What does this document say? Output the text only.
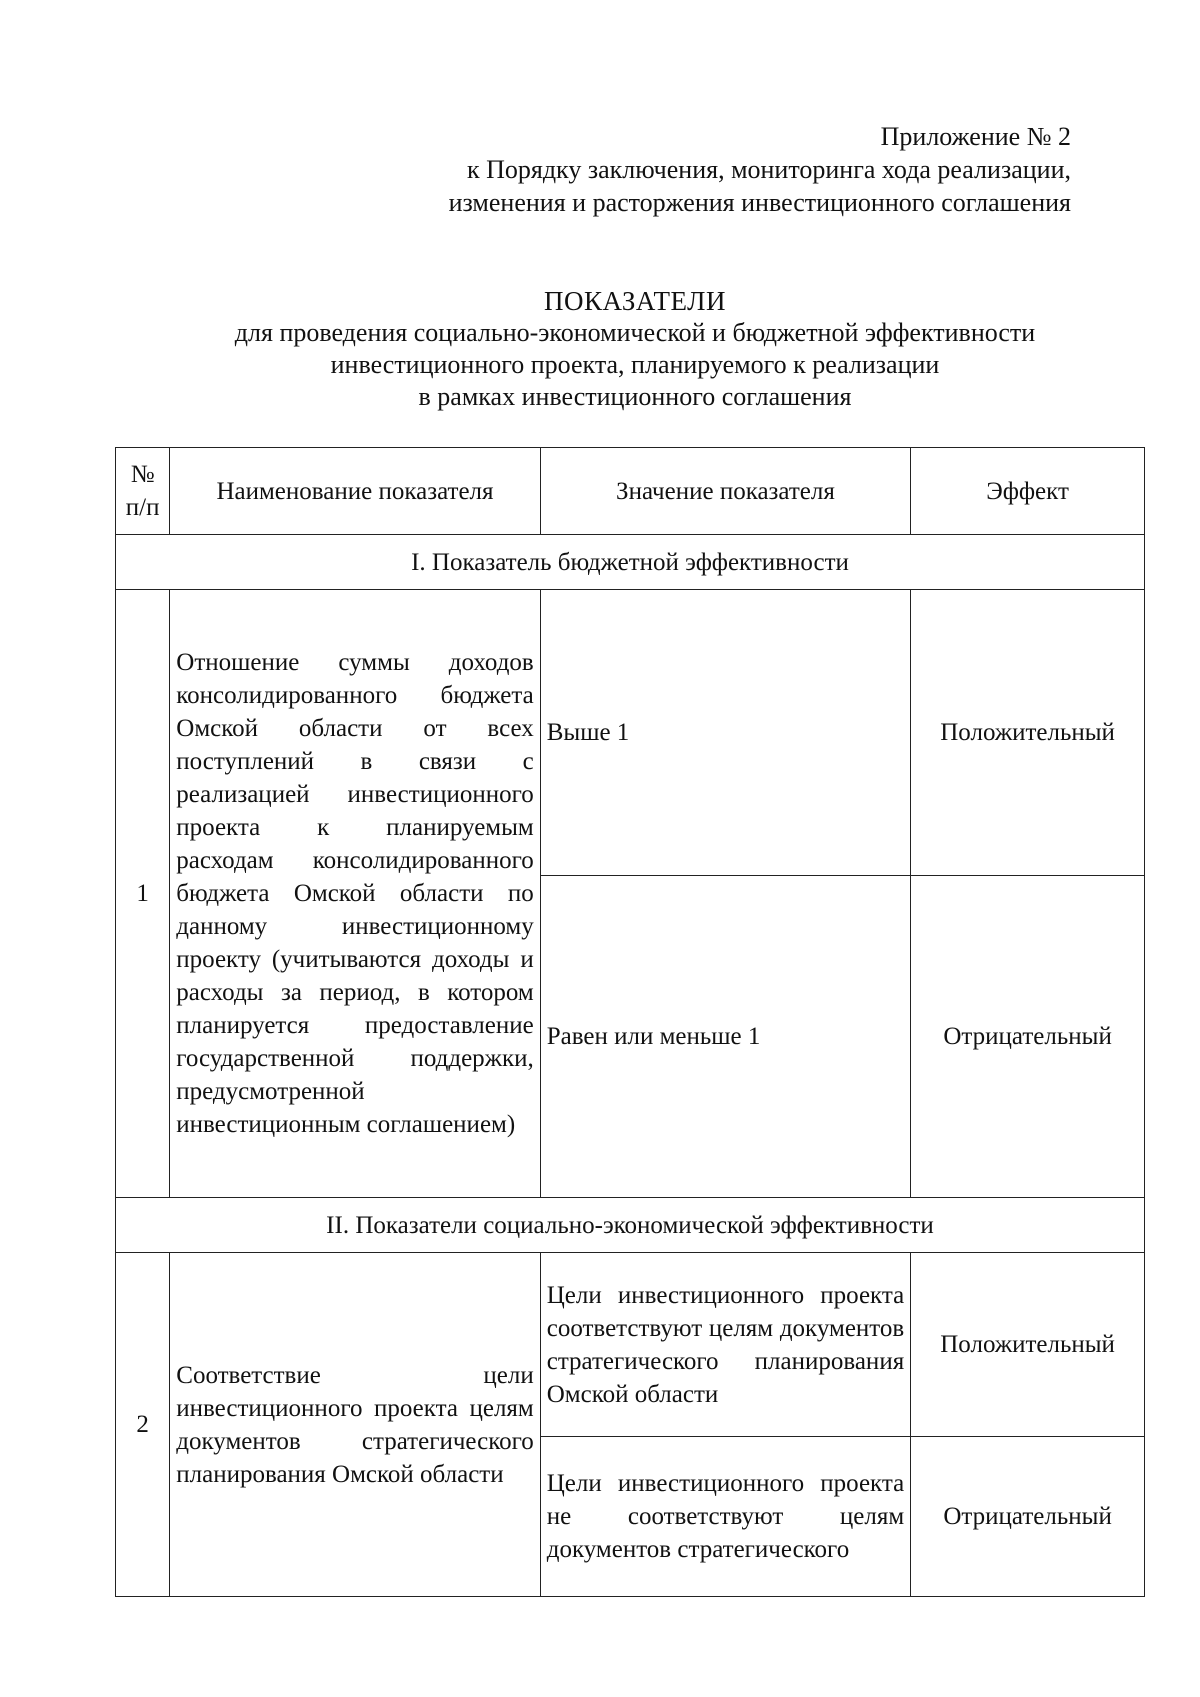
Приложение № 2
к Порядку заключения, мониторинга хода реализации,
изменения и расторжения инвестиционного соглашения
ПОКАЗАТЕЛИ
для проведения социально-экономической и бюджетной эффективности
инвестиционного проекта, планируемого к реализации
в рамках инвестиционного соглашения
№ п/п	Наименование показателя	Значение показателя	Эффект
I. Показатель бюджетной эффективности			
1	Отношение суммы доходов консолидированного бюджета Омской области от всех поступлений в связи с реализацией инвестиционного проекта к планируемым расходам консолидированного бюджета Омской области по данному инвестиционному проекту (учитываются доходы и расходы за период, в котором планируется предоставление государственной поддержки, предусмотренной инвестиционным соглашением)	Выше 1	Положительный
		Равен или меньше 1	Отрицательный
II. Показатели социально-экономической эффективности			
2	Соответствие цели инвестиционного проекта целям документов стратегического планирования Омской области	Цели инвестиционного проекта соответствуют целям документов стратегического планирования Омской области	Положительный
		Цели инвестиционного проекта не соответствуют целям документов стратегического	Отрицательный
